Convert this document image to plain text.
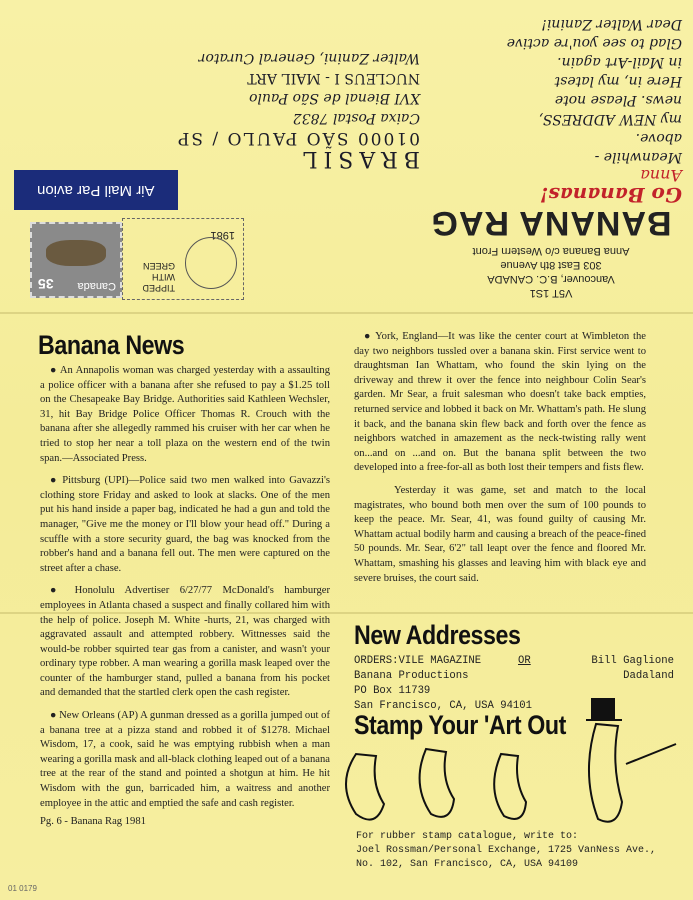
BRASIL
01000 SÃO PAULO / SP
Caixa Postal 7832
XVI Bienal de São Paulo
NUCLEUS I - MAIL ART
Walter Zanini, General Curator
Air Mail Par avion
Canada
35	TIPPED WITH GREEN
1981
Go Bananas!
Anna
Meanwhile -
above.
my NEW ADDRESS,
news. Please note
Here in, my latest
in Mail-Art again.
Glad to see you're active
Dear Walter Zanini!
BANANA RAG
V5T 1S1
Vancouver, B.C. CANADA
303 East 8th Avenue
Anna Banana c/o Western Front
Banana News

● An Annapolis woman was charged yesterday with a assaulting a police officer with a banana after she refused to pay a $1.25 toll on the Chesapeake Bay Bridge. Authorities said Kathleen Wechsler, 31, hit Bay Bridge Police Officer Thomas R. Crouch with the banana after she allegedly rammed his cruiser with her car when he tried to stop her near a toll plaza on the western end of the twin span.—Associated Press.

● Pittsburg (UPI)—Police said two men walked into Gavazzi's clothing store Friday and asked to look at slacks. One of the men put his hand inside a paper bag, indicated he had a gun and told the manager, "Give me the money or I'll blow your head off." During a scuffle with a store security guard, the bag was knocked from the robber's hand and a banana fell out. The men were captured on the street after a chase.

● Honolulu Advertiser 6/27/77 McDonald's hamburger employees in Atlanta chased a suspect and finally collared him with the help of police. Joseph M. White -hurts, 21, was charged with aggravated assault and attempted robbery. Wittnesses said the would-be robber squirted tear gas from a canister, and wasn't your ordinary type robber. A man wearing a gorilla mask leaped over the counter of the hamburger stand, pulled a banana from his pocket and demanded that the startled clerk open the cash register.

● New Orleans (AP) A gunman dressed as a gorilla jumped out of a banana tree at a pizza stand and robbed it of $1278. Michael Wisdom, 17, a cook, said he was emptying rubbish when a man wearing a gorilla mask and all-black clothing leaped out of a banana tree at the rear of the stand and pointed a shotgun at him. He hit Wisdom with the gun, barricaded him, a waitress and another employee in the attic and emptied the safe and cash register.

Pg. 6 - Banana Rag 1981

● York, England—It was like the center court at Wimbleton the day two neighbors tussled over a banana skin. First service went to draughtsman Ian Whattam, who found the skin lying on the driveway and threw it over the fence into neighbour Colin Sear's garden. Mr Sear, a fruit salesman who doesn't take back empties, returned service and lobbed it back on Mr. Whattam's path. He slung it back, and the banana skin flew back and forth over the fence as neighbors watched in amazement as the neck-twisting rally went on...and on ...and on. But the banana split between the two developed into a free-for-all as both lost their tempers and fists flew.

Yesterday it was game, set and match to the local magistrates, who bound both men over the sum of 100 pounds to keep the peace. Mr. Sear, 41, was found guilty of causing Mr. Whattam actual bodily harm and causing a breach of the peace-fined 50 pounds. Mr. Sear, 6'2" tall leapt over the fence and floored Mr. Whattam, smashing his glasses and leaving him with black eye and severe bruises, the court said.

New Addresses
ORDERS:VILE MAGAZINE
Banana Productions
PO Box 11739
San Francisco, CA, USA 94101
OR	Bill Gaglione
Dadaland
Stamp Your 'Art Out
For rubber stamp catalogue, write to:
Joel Rossman/Personal Exchange, 1725 VanNess Ave.,
No. 102, San Francisco, CA, USA 94109
01 0179
